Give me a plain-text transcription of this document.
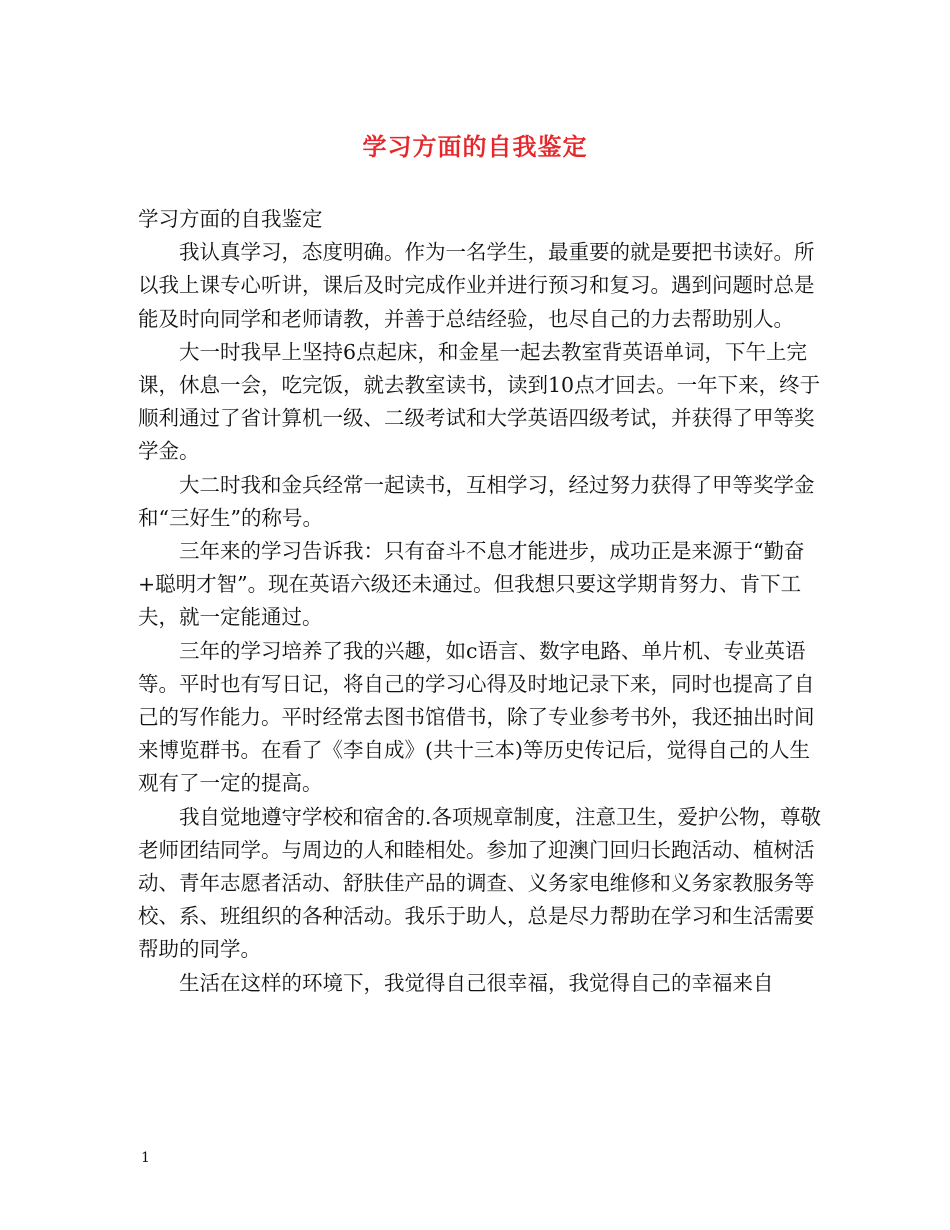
学习方面的自我鉴定

学习方面的自我鉴定

我认真学习，态度明确。作为一名学生，最重要的就是要把书读好。所以我上课专心听讲，课后及时完成作业并进行预习和复习。遇到问题时总是能及时向同学和老师请教，并善于总结经验，也尽自己的力去帮助别人。

大一时我早上坚持6点起床，和金星一起去教室背英语单词，下午上完课，休息一会，吃完饭，就去教室读书，读到10点才回去。一年下来，终于顺利通过了省计算机一级、二级考试和大学英语四级考试，并获得了甲等奖学金。

大二时我和金兵经常一起读书，互相学习，经过努力获得了甲等奖学金和“三好生”的称号。

三年来的学习告诉我：只有奋斗不息才能进步，成功正是来源于“勤奋+聪明才智”。现在英语六级还未通过。但我想只要这学期肯努力、肯下工夫，就一定能通过。

三年的学习培养了我的兴趣，如c语言、数字电路、单片机、专业英语等。平时也有写日记，将自己的学习心得及时地记录下来，同时也提高了自己的写作能力。平时经常去图书馆借书，除了专业参考书外，我还抽出时间来博览群书。在看了《李自成》(共十三本)等历史传记后，觉得自己的人生观有了一定的提高。

我自觉地遵守学校和宿舍的.各项规章制度，注意卫生，爱护公物，尊敬老师团结同学。与周边的人和睦相处。参加了迎澳门回归长跑活动、植树活动、青年志愿者活动、舒肤佳产品的调查、义务家电维修和义务家教服务等校、系、班组织的各种活动。我乐于助人，总是尽力帮助在学习和生活需要帮助的同学。

生活在这样的环境下，我觉得自己很幸福，我觉得自己的幸福来自

1
